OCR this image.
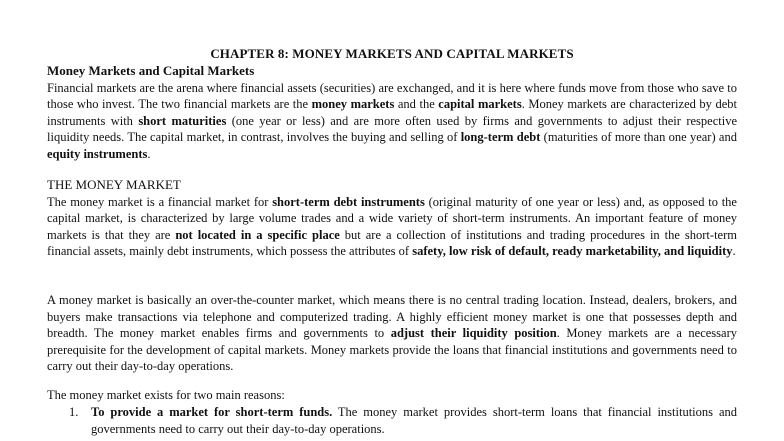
CHAPTER 8: MONEY MARKETS AND CAPITAL MARKETS
Money Markets and Capital Markets

Financial markets are the arena where financial assets (securities) are exchanged, and it is here where funds move from those who save to those who invest. The two financial markets are the money markets and the capital markets. Money markets are characterized by debt instruments with short maturities (one year or less) and are more often used by firms and governments to adjust their respective liquidity needs. The capital market, in contrast, involves the buying and selling of long-term debt (maturities of more than one year) and equity instruments.

THE MONEY MARKET

The money market is a financial market for short-term debt instruments (original maturity of one year or less) and, as opposed to the capital market, is characterized by large volume trades and a wide variety of short-term instruments. An important feature of money markets is that they are not located in a specific place but are a collection of institutions and trading procedures in the short-term financial assets, mainly debt instruments, which possess the attributes of safety, low risk of default, ready marketability, and liquidity.

A money market is basically an over-the-counter market, which means there is no central trading location. Instead, dealers, brokers, and buyers make transactions via telephone and computerized trading. A highly efficient money market is one that possesses depth and breadth. The money market enables firms and governments to adjust their liquidity position. Money markets are a necessary prerequisite for the development of capital markets. Money markets provide the loans that financial institutions and governments need to carry out their day-to-day operations.

The money market exists for two main reasons:

1.	To provide a market for short-term funds. The money market provides short-term loans that financial institutions and governments need to carry out their day-to-day operations.
